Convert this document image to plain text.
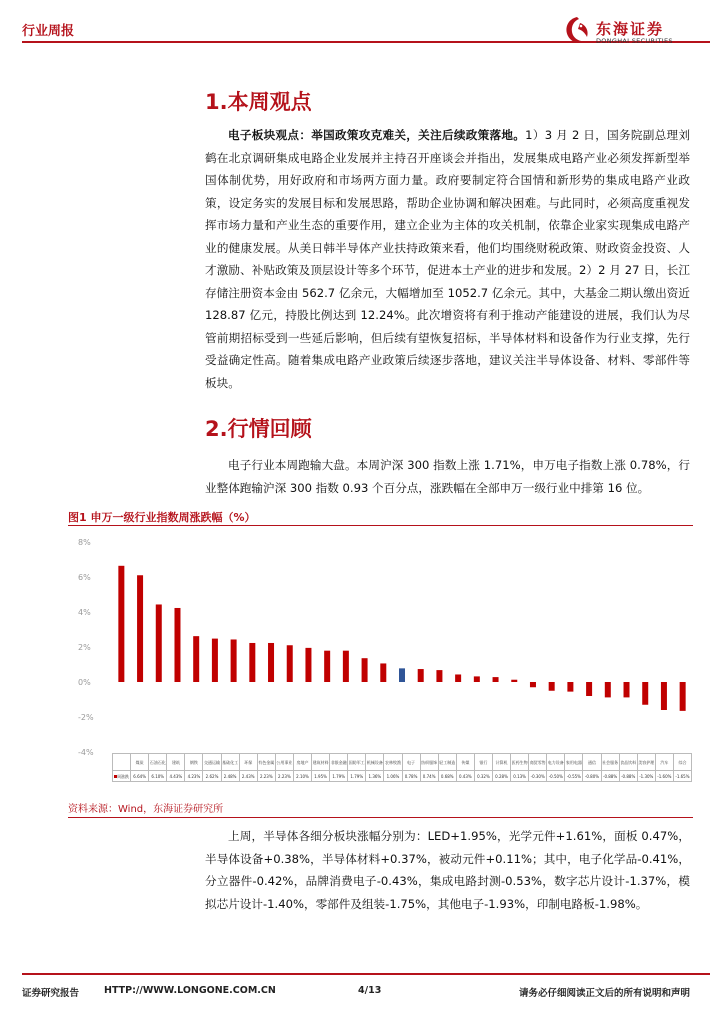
行业周报	东海证券
DONGHAI SECURITIES
1.本周观点
电子板块观点：举国政策攻克难关，关注后续政策落地。1）3 月 2 日，国务院副总理刘鹤在北京调研集成电路企业发展并主持召开座谈会并指出，发展集成电路产业必须发挥新型举国体制优势，用好政府和市场两方面力量。政府要制定符合国情和新形势的集成电路产业政策，设定务实的发展目标和发展思路，帮助企业协调和解决困难。与此同时，必须高度重视发挥市场力量和产业生态的重要作用，建立企业为主体的攻关机制，依靠企业家实现集成电路产业的健康发展。从美日韩半导体产业扶持政策来看，他们均围绕财税政策、财政资金投资、人才激励、补贴政策及顶层设计等多个环节，促进本土产业的进步和发展。2）2 月 27 日，长江存储注册资本金由 562.7 亿余元，大幅增加至 1052.7 亿余元。其中，大基金二期认缴出资近 128.87 亿元，持股比例达到 12.24%。此次增资将有利于推动产能建设的进展，我们认为尽管前期招标受到一些延后影响，但后续有望恢复招标，半导体材料和设备作为行业支撑，先行受益确定性高。随着集成电路产业政策后续逐步落地，建议关注半导体设备、材料、零部件等板块。
2.行情回顾
电子行业本周跑输大盘。本周沪深 300 指数上涨 1.71%，申万电子指数上涨 0.78%，行业整体跑输沪深 300 指数 0.93 个百分点，涨跌幅在全部申万一级行业中排第 16 位。
图1 申万一级行业指数周涨跌幅（%）
8%
6%
4%
2%
0%
-2%
-4%
	煤炭	石油石化	建筑	钢铁	交通运输	基础化工	环保	有色金属	公用事业	房地产	建筑材料	非银金融	国防军工	机械设备	农林牧渔	电子	纺织服饰	轻工制造	传媒	银行	计算机	医药生物	商贸零售	电力设备	家用电器	通信	社会服务	食品饮料	美容护理	汽车	综合
周涨跌	6.64%	6.10%	4.43%	4.23%	2.62%	2.48%	2.43%	2.23%	2.23%	2.10%	1.95%	1.79%	1.79%	1.36%	1.06%	0.78%	0.74%	0.68%	0.43%	0.32%	0.28%	0.13%	-0.30%	-0.50%	-0.55%	-0.80%	-0.88%	-0.88%	-1.30%	-1.60%	-1.65%
资料来源：Wind，东海证券研究所
上周，半导体各细分板块涨幅分别为：LED+1.95%，光学元件+1.61%，面板 0.47%，半导体设备+0.38%，半导体材料+0.37%，被动元件+0.11%；其中，电子化学品-0.41%，分立器件-0.42%，品牌消费电子-0.43%，集成电路封测-0.53%，数字芯片设计-1.37%，模拟芯片设计-1.40%，零部件及组装-1.75%，其他电子-1.93%，印制电路板-1.98%。
证券研究报告	HTTP://WWW.LONGONE.COM.CN	4/13	请务必仔细阅读正文后的所有说明和声明
